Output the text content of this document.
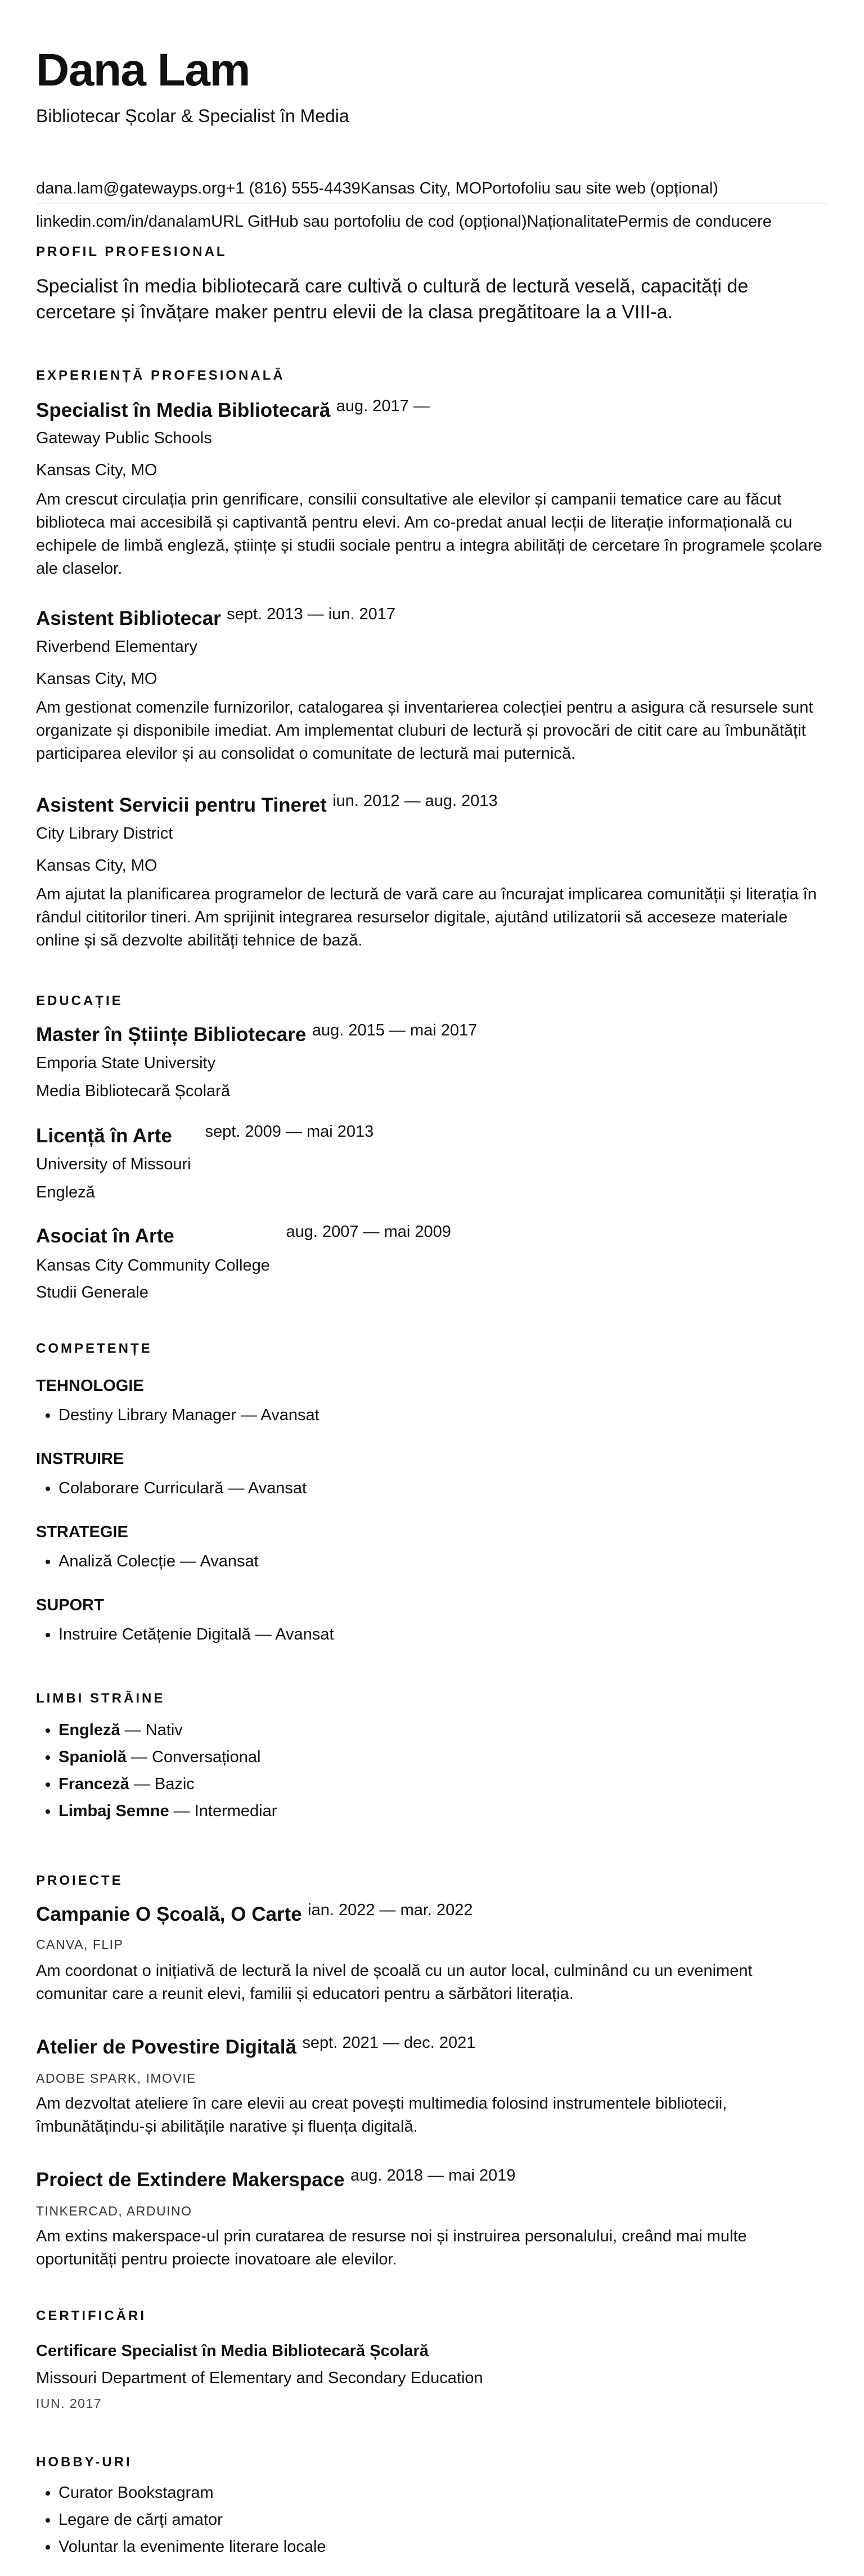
Dana Lam
Bibliotecar Școlar & Specialist în Media
dana.lam@gatewayps.org+1 (816) 555-4439Kansas City, MOPortofoliu sau site web (opțional)
linkedin.com/in/danalamURL GitHub sau portofoliu de cod (opțional)NaționalitatePermis de conducere
PROFIL PROFESIONAL
Specialist în media bibliotecară care cultivă o cultură de lectură veselă, capacități de cercetare și învățare maker pentru elevii de la clasa pregătitoare la a VIII-a.
EXPERIENȚĂ PROFESIONALĂ
Specialist în Media Bibliotecară aug. 2017 —
Gateway Public Schools
Kansas City, MO
Am crescut circulația prin genrificare, consilii consultative ale elevilor și campanii tematice care au făcut biblioteca mai accesibilă și captivantă pentru elevi. Am co-predat anual lecții de literație informațională cu echipele de limbă engleză, științe și studii sociale pentru a integra abilități de cercetare în programele școlare ale claselor.
Asistent Bibliotecar sept. 2013 — iun. 2017
Riverbend Elementary
Kansas City, MO
Am gestionat comenzile furnizorilor, catalogarea și inventarierea colecției pentru a asigura că resursele sunt organizate și disponibile imediat. Am implementat cluburi de lectură și provocări de citit care au îmbunătățit participarea elevilor și au consolidat o comunitate de lectură mai puternică.
Asistent Servicii pentru Tineret iun. 2012 — aug. 2013
City Library District
Kansas City, MO
Am ajutat la planificarea programelor de lectură de vară care au încurajat implicarea comunității și literația în rândul cititorilor tineri. Am sprijinit integrarea resurselor digitale, ajutând utilizatorii să acceseze materiale online și să dezvolte abilități tehnice de bază.
EDUCAȚIE
Master în Științe Bibliotecare aug. 2015 — mai 2017
Emporia State University
Media Bibliotecară Școlară
Licență în Arte sept. 2009 — mai 2013
University of Missouri
Engleză
Asociat în Arte	aug. 2007 — mai 2009
Kansas City Community College
Studii Generale
COMPETENȚE
TEHNOLOGIE
• Destiny Library Manager — Avansat
INSTRUIRE
• Colaborare Curriculară — Avansat
STRATEGIE
• Analiză Colecție — Avansat
SUPORT
• Instruire Cetățenie Digitală — Avansat
LIMBI STRĂINE
• Engleză — Nativ
• Spaniolă — Conversațional
• Franceză — Bazic
• Limbaj Semne — Intermediar
PROIECTE
Campanie O Școală, O Carte ian. 2022 — mar. 2022
CANVA, FLIP
Am coordonat o inițiativă de lectură la nivel de școală cu un autor local, culminând cu un eveniment comunitar care a reunit elevi, familii și educatori pentru a sărbători literația.
Atelier de Povestire Digitală sept. 2021 — dec. 2021
ADOBE SPARK, IMOVIE
Am dezvoltat ateliere în care elevii au creat povești multimedia folosind instrumentele bibliotecii, îmbunătățindu-și abilitățile narative și fluența digitală.
Proiect de Extindere Makerspace aug. 2018 — mai 2019
TINKERCAD, ARDUINO
Am extins makerspace-ul prin curatarea de resurse noi și instruirea personalului, creând mai multe oportunități pentru proiecte inovatoare ale elevilor.
CERTIFICĂRI
Certificare Specialist în Media Bibliotecară Școlară
Missouri Department of Elementary and Secondary Education
IUN. 2017
HOBBY-URI
• Curator Bookstagram
• Legare de cărți amator
• Voluntar la evenimente literare locale
